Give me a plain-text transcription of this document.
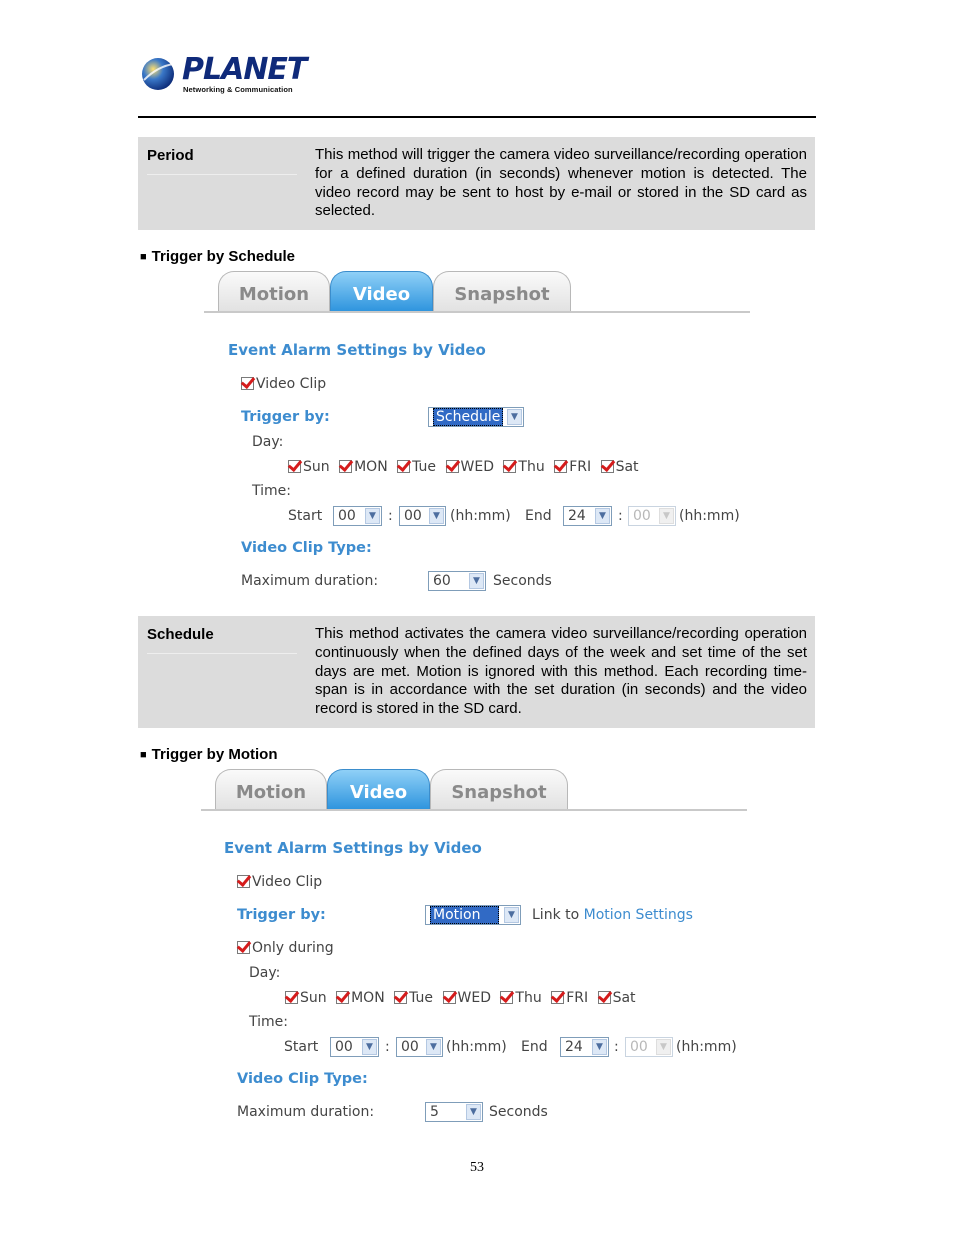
PLANET
Networking & Communication
Period	This method will trigger the camera video surveillance/recording operation for a defined duration (in seconds) whenever motion is detected. The video record may be sent to host by e-mail or stored in the SD card as selected.
■ Trigger by Schedule
Motion	Video	Snapshot
Event Alarm Settings by Video
Video Clip
Trigger by:	Schedule	▼
Day:
Sun MON Tue WED Thu FRI Sat
Time:
Start	00	▼ : 00	▼ (hh:mm) End	24	▼ : 00	▼ (hh:mm)
Video Clip Type:
Maximum duration:	60	▼ Seconds
Schedule	This method activates the camera video surveillance/recording operation continuously when the defined days of the week and set time of the set days are met. Motion is ignored with this method. Each recording time-span is in accordance with the set duration (in seconds) and the video record is stored in the SD card.
■ Trigger by Motion
Motion	Video	Snapshot
Event Alarm Settings by Video
Video Clip
Trigger by:	Motion	▼ Link to Motion Settings
Only during
Day:
Sun MON Tue WED Thu FRI Sat
Time:
Start	00	▼ : 00	▼ (hh:mm) End	24	▼ : 00	▼ (hh:mm)
Video Clip Type:
Maximum duration:	5	▼ Seconds
53
